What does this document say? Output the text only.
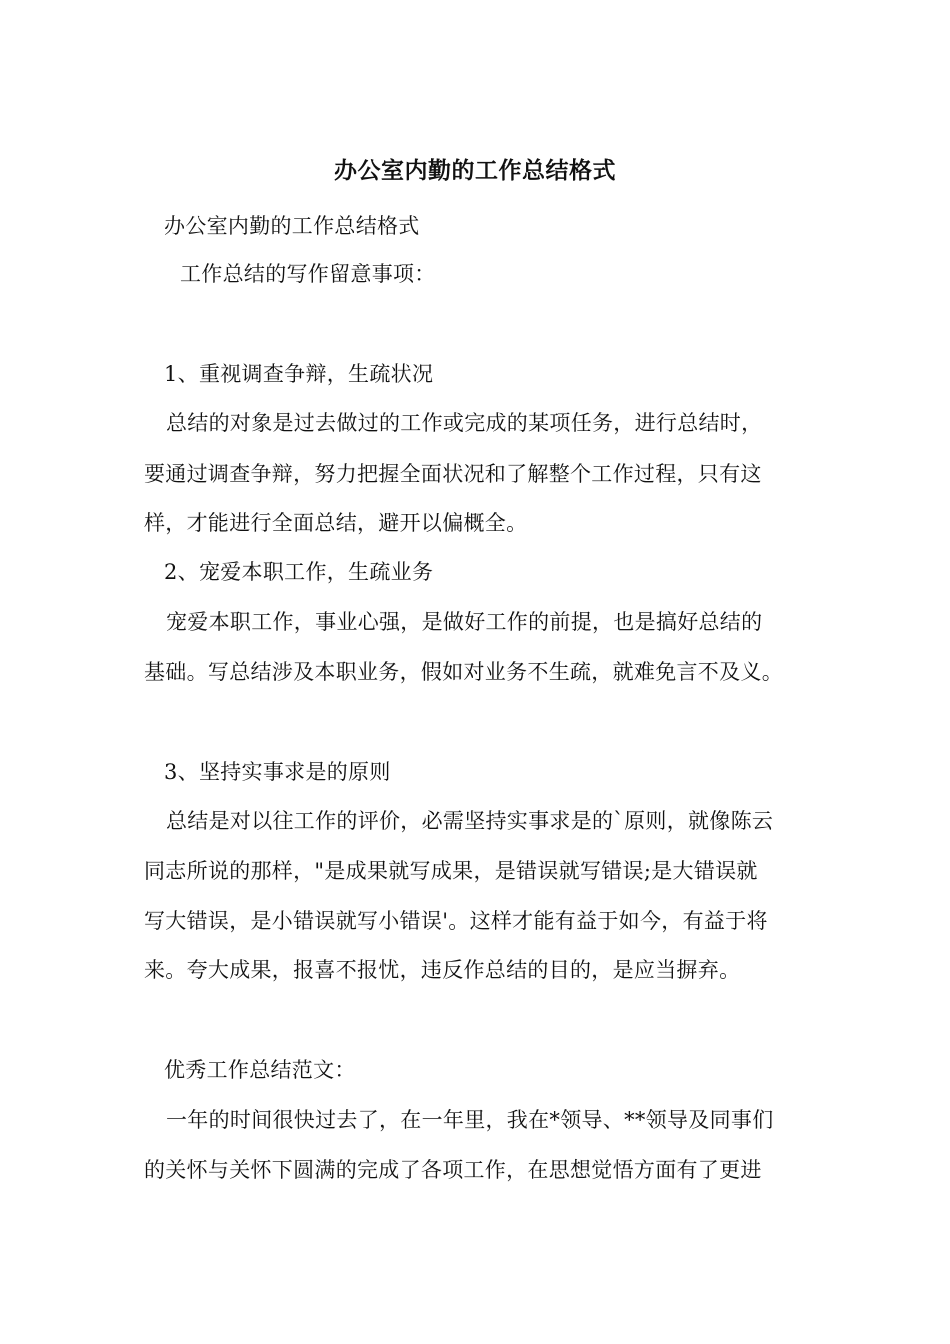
办公室内勤的工作总结格式
办公室内勤的工作总结格式
工作总结的写作留意事项：
1、重视调查争辩，生疏状况
总结的对象是过去做过的工作或完成的某项任务，进行总结时，
要通过调查争辩，努力把握全面状况和了解整个工作过程，只有这
样，才能进行全面总结，避开以偏概全。
2、宠爱本职工作，生疏业务
宠爱本职工作，事业心强，是做好工作的前提，也是搞好总结的
基础。写总结涉及本职业务，假如对业务不生疏，就难免言不及义。
3、坚持实事求是的原则
总结是对以往工作的评价，必需坚持实事求是的`原则，就像陈云
同志所说的那样，"是成果就写成果，是错误就写错误;是大错误就
写大错误，是小错误就写小错误'。这样才能有益于如今，有益于将
来。夸大成果，报喜不报忧，违反作总结的目的，是应当摒弃。
优秀工作总结范文：
一年的时间很快过去了，在一年里，我在*领导、**领导及同事们
的关怀与关怀下圆满的完成了各项工作，在思想觉悟方面有了更进
